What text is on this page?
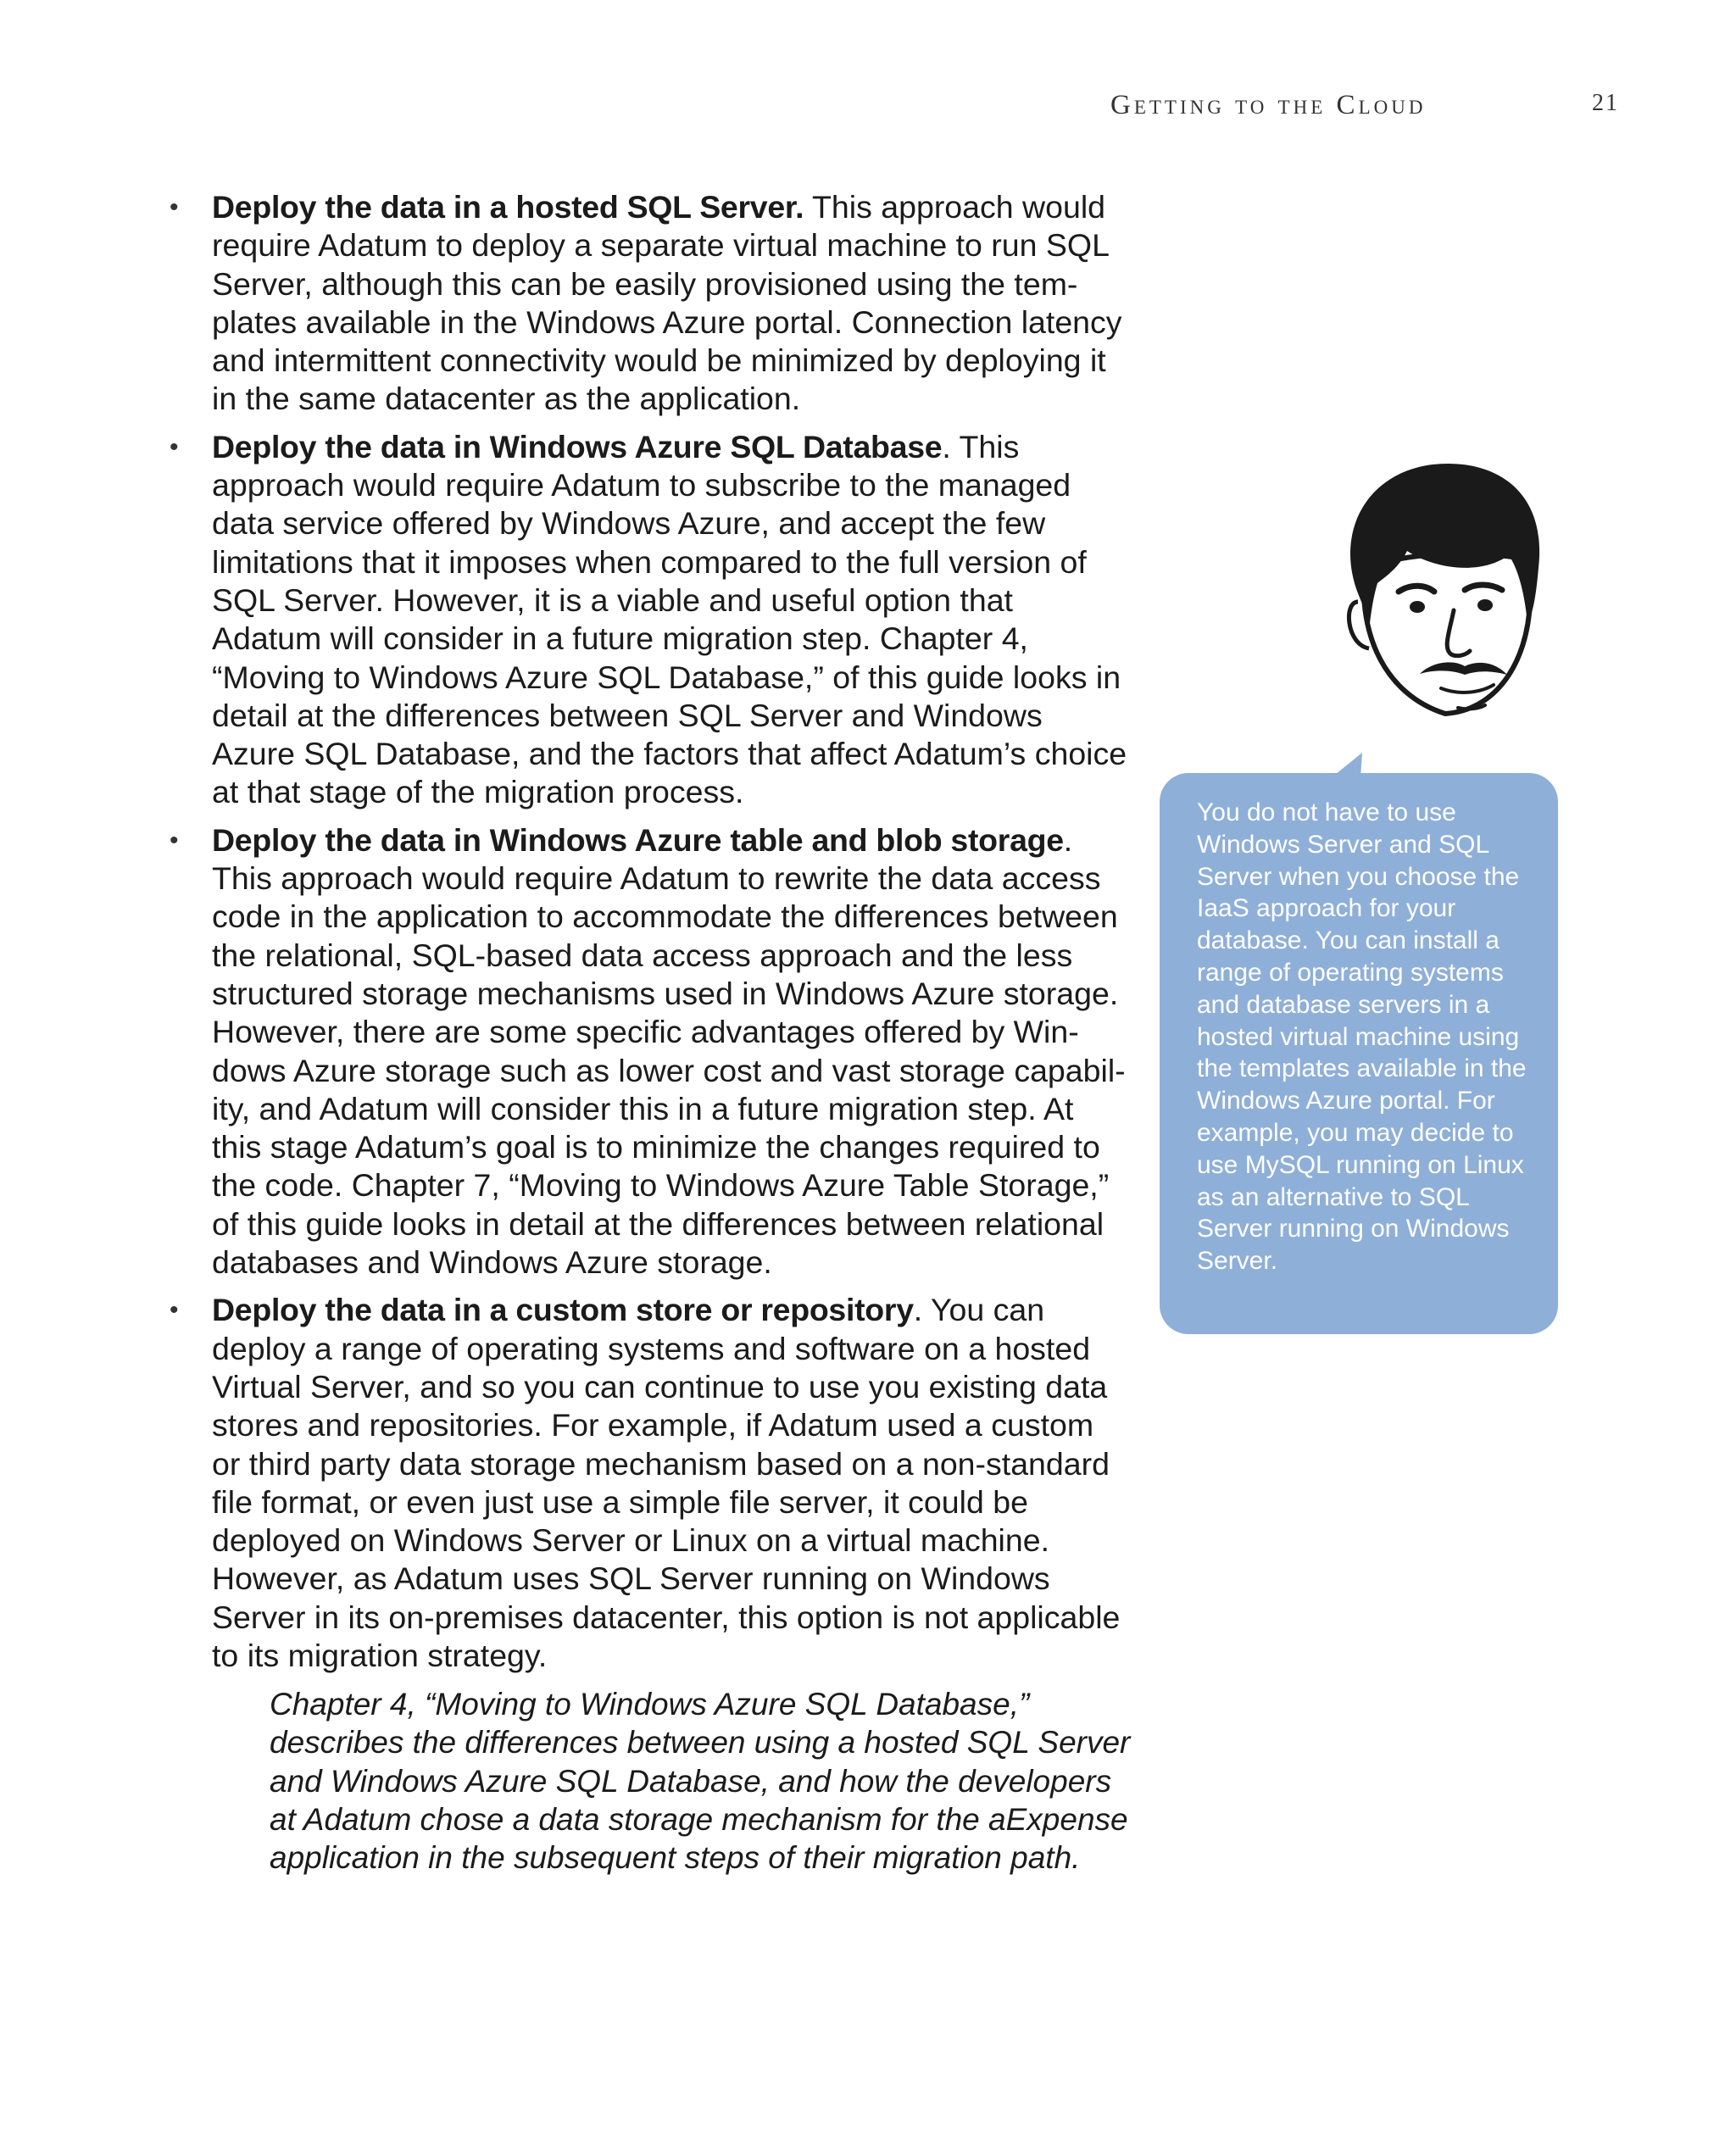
Getting to the Cloud	21
• Deploy the data in a hosted SQL Server. This approach would require Adatum to deploy a separate virtual machine to run SQL Server, although this can be easily provisioned using the tem-plates available in the Windows Azure portal. Connection latency and intermittent connectivity would be minimized by deploying it in the same datacenter as the application.
• Deploy the data in Windows Azure SQL Database. This approach would require Adatum to subscribe to the managed data service offered by Windows Azure, and accept the few limitations that it imposes when compared to the full version of SQL Server. However, it is a viable and useful option that Adatum will consider in a future migration step. Chapter 4, “Moving to Windows Azure SQL Database,” of this guide looks in detail at the differences between SQL Server and Windows Azure SQL Database, and the factors that affect Adatum’s choice at that stage of the migration process.
• Deploy the data in Windows Azure table and blob storage. This approach would require Adatum to rewrite the data access code in the application to accommodate the differences between the relational, SQL-based data access approach and the less structured storage mechanisms used in Windows Azure storage. However, there are some specific advantages offered by Win-dows Azure storage such as lower cost and vast storage capabil-ity, and Adatum will consider this in a future migration step. At this stage Adatum’s goal is to minimize the changes required to the code. Chapter 7, “Moving to Windows Azure Table Storage,” of this guide looks in detail at the differences between relational databases and Windows Azure storage.
• Deploy the data in a custom store or repository. You can deploy a range of operating systems and software on a hosted Virtual Server, and so you can continue to use you existing data stores and repositories. For example, if Adatum used a custom or third party data storage mechanism based on a non-standard file format, or even just use a simple file server, it could be deployed on Windows Server or Linux on a virtual machine. However, as Adatum uses SQL Server running on Windows Server in its on-premises datacenter, this option is not applicable to its migration strategy.

Chapter 4, “Moving to Windows Azure SQL Database,” describes the differences between using a hosted SQL Server and Windows Azure SQL Database, and how the developers at Adatum chose a data storage mechanism for the aExpense application in the subsequent steps of their migration path.

You do not have to use Windows Server and SQL Server when you choose the IaaS approach for your database. You can install a range of operating systems and database servers in a hosted virtual machine using the templates available in the Windows Azure portal. For example, you may decide to use MySQL running on Linux as an alternative to SQL Server running on Windows Server.
